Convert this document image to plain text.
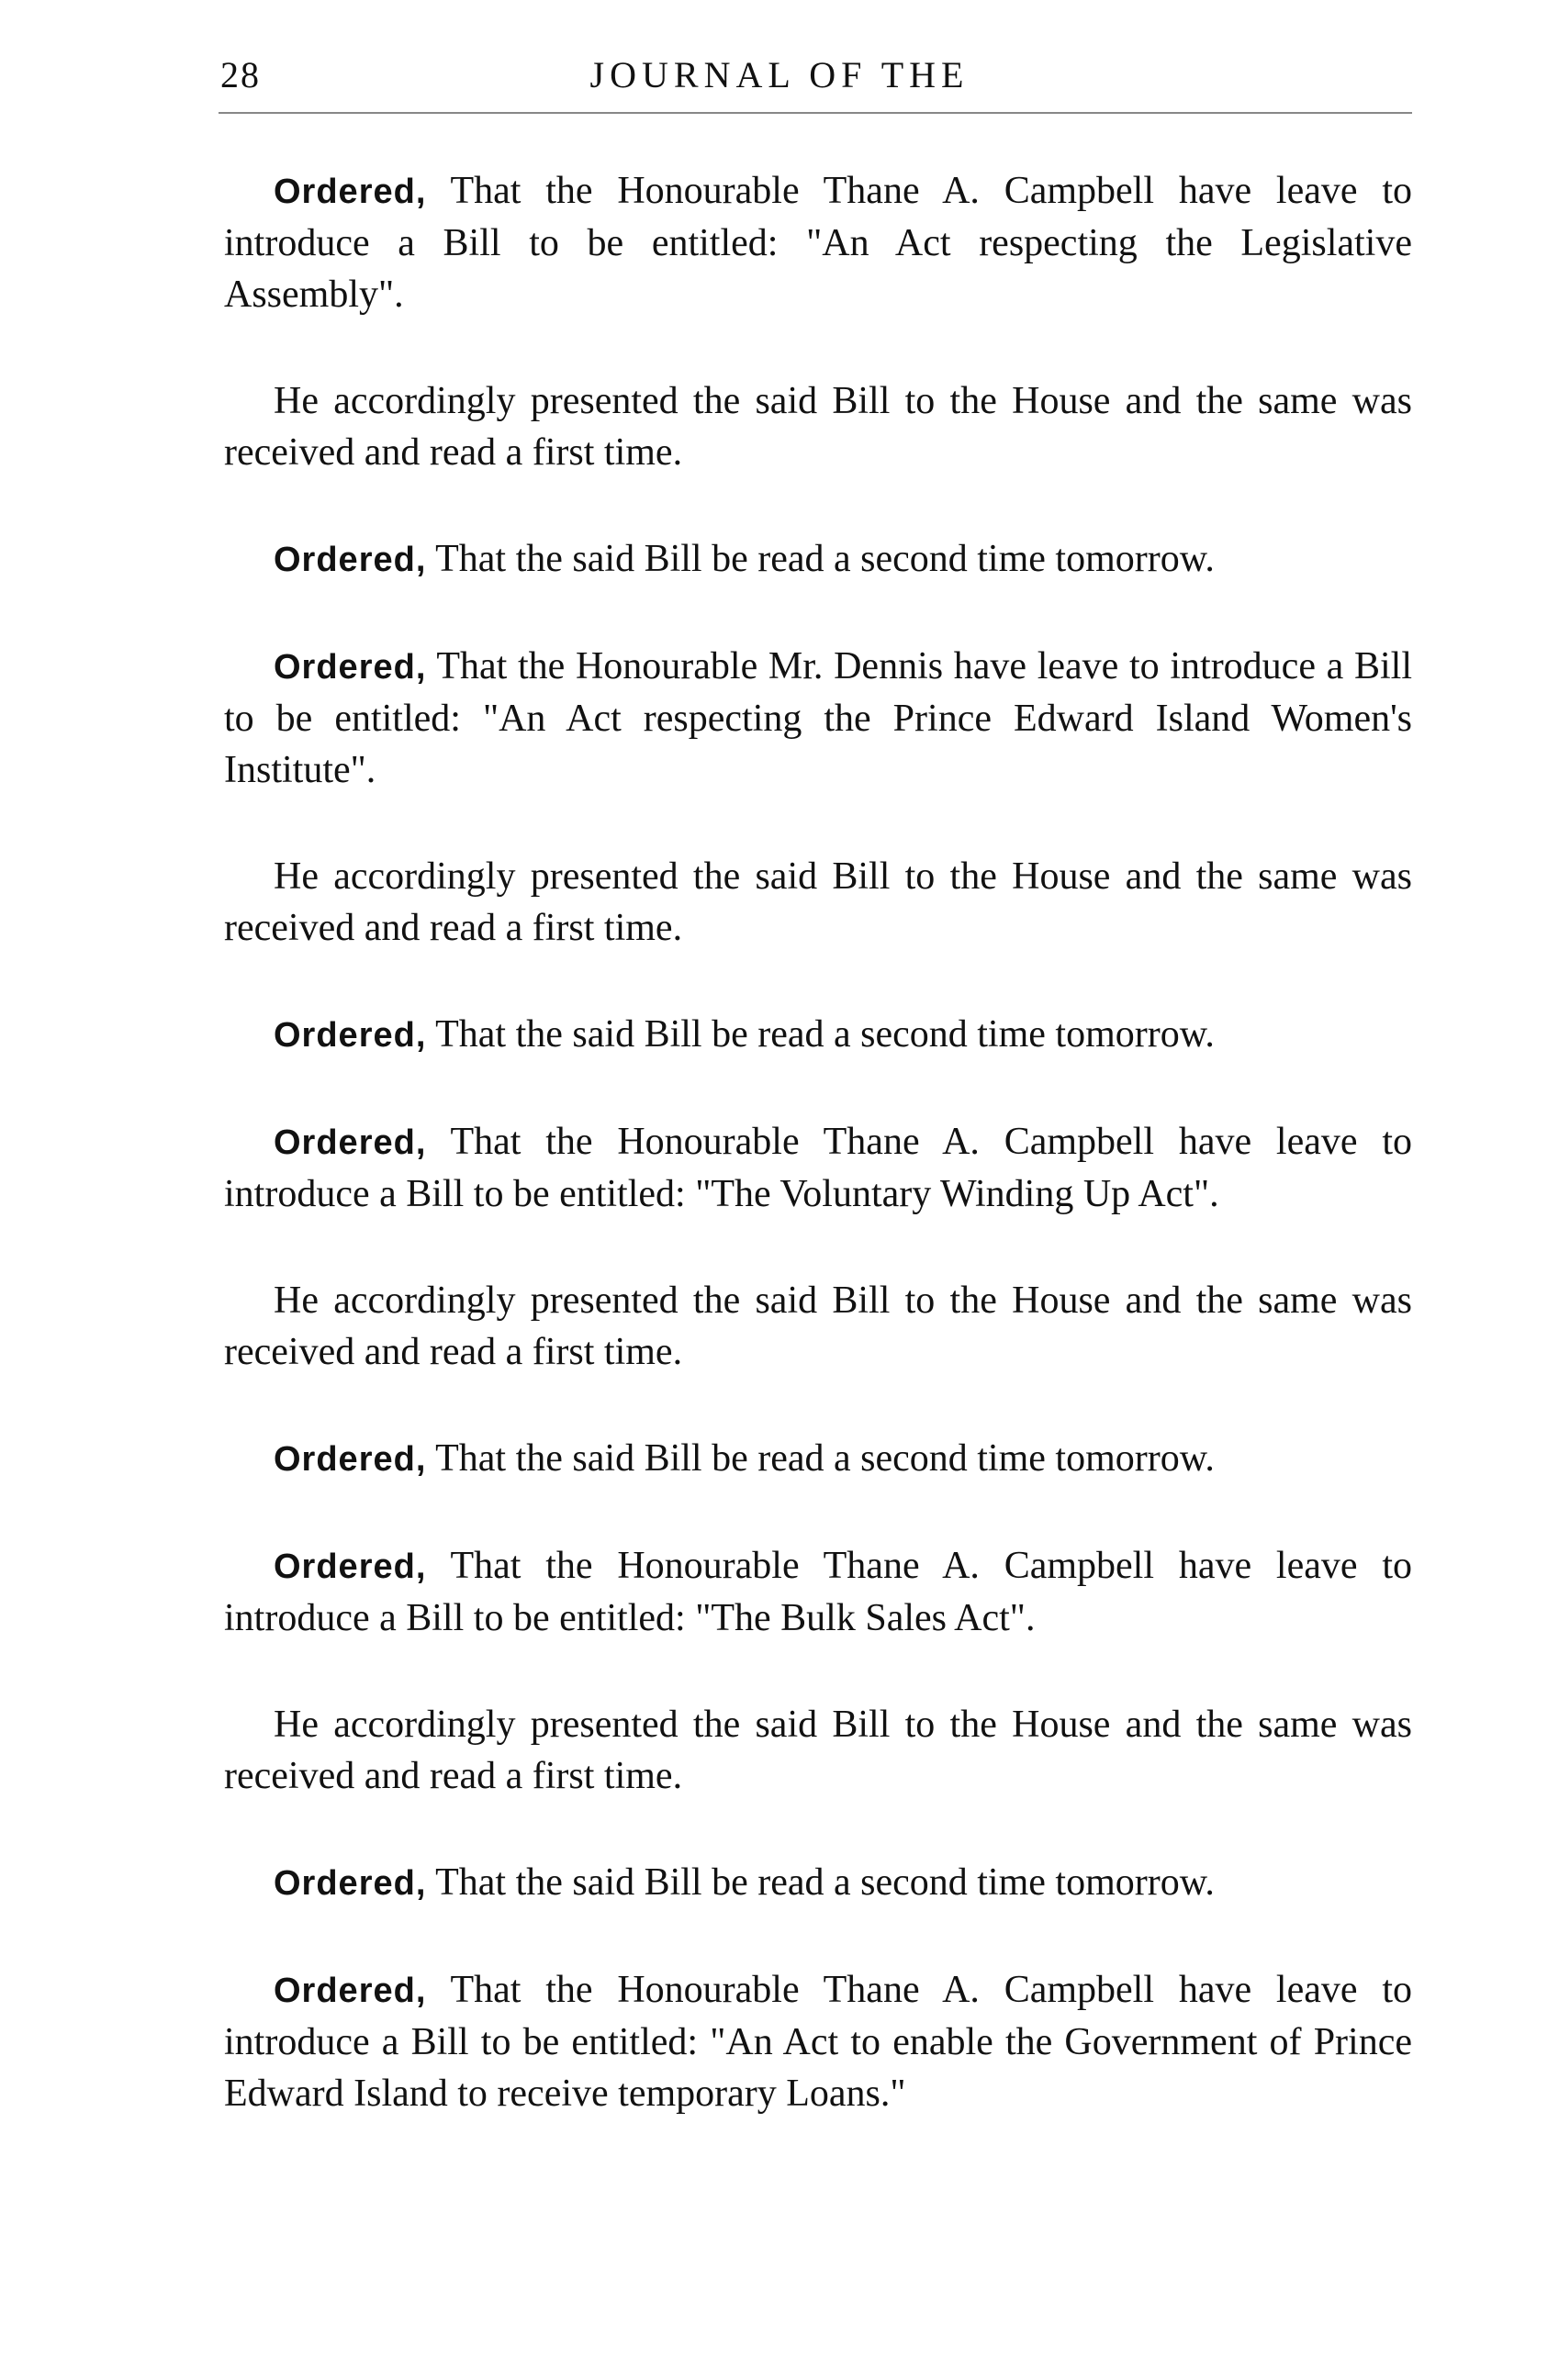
28	JOURNAL OF THE

Ordered, That the Honourable Thane A. Campbell have leave to introduce a Bill to be entitled: "An Act respecting the Legislative Assembly".

He accordingly presented the said Bill to the House and the same was received and read a first time.

Ordered, That the said Bill be read a second time tomorrow.

Ordered, That the Honourable Mr. Dennis have leave to introduce a Bill to be entitled: "An Act respecting the Prince Edward Island Women's Institute".

He accordingly presented the said Bill to the House and the same was received and read a first time.

Ordered, That the said Bill be read a second time tomorrow.

Ordered, That the Honourable Thane A. Campbell have leave to introduce a Bill to be entitled: "The Voluntary Winding Up Act".

He accordingly presented the said Bill to the House and the same was received and read a first time.

Ordered, That the said Bill be read a second time tomorrow.

Ordered, That the Honourable Thane A. Campbell have leave to introduce a Bill to be entitled: "The Bulk Sales Act".

He accordingly presented the said Bill to the House and the same was received and read a first time.

Ordered, That the said Bill be read a second time tomorrow.

Ordered, That the Honourable Thane A. Campbell have leave to introduce a Bill to be entitled: "An Act to enable the Government of Prince Edward Island to receive temporary Loans."
